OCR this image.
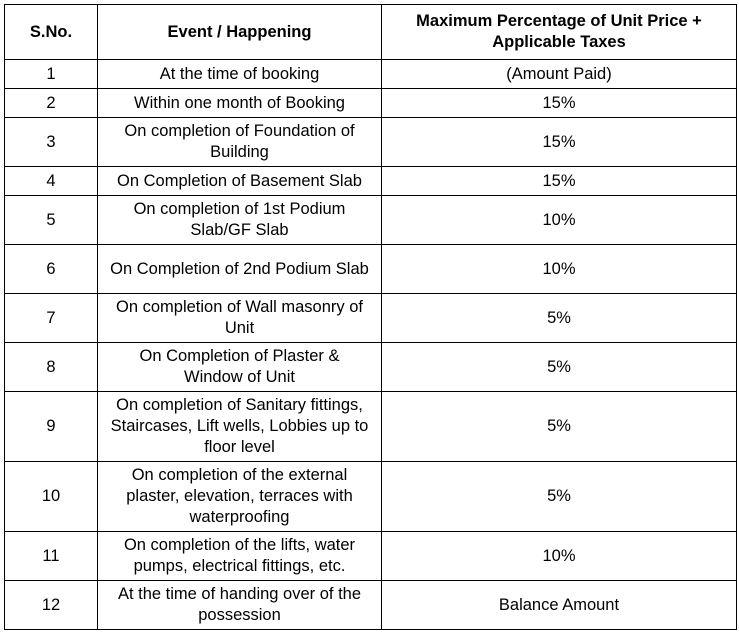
S.No.	Event / Happening	Maximum Percentage of Unit Price + Applicable Taxes
1	At the time of booking	(Amount Paid)
2	Within one month of Booking	15%
3	On completion of Foundation of Building	15%
4	On Completion of Basement Slab	15%
5	On completion of 1st Podium Slab/GF Slab	10%
6	On Completion of 2nd Podium Slab	10%
7	On completion of Wall masonry of Unit	5%
8	On Completion of Plaster & Window of Unit	5%
9	On completion of Sanitary fittings, Staircases, Lift wells, Lobbies up to floor level	5%
10	On completion of the external plaster, elevation, terraces with waterproofing	5%
11	On completion of the lifts, water pumps, electrical fittings, etc.	10%
12	At the time of handing over of the possession	Balance Amount
